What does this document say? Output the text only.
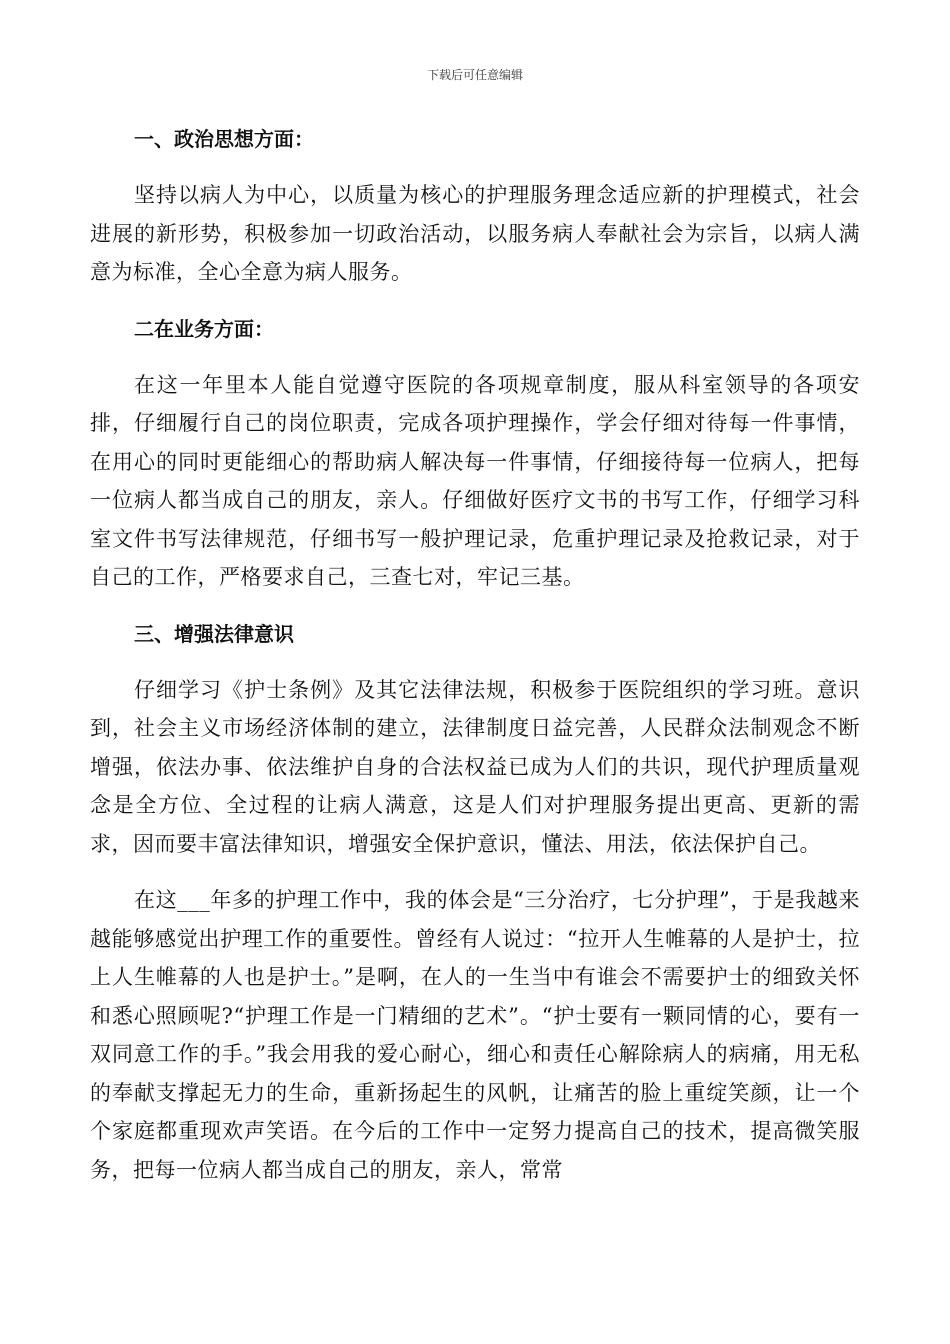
下载后可任意编辑
一、政治思想方面：

坚持以病人为中心，以质量为核心的护理服务理念适应新的护理模式，社会进展的新形势，积极参加一切政治活动，以服务病人奉献社会为宗旨，以病人满意为标准，全心全意为病人服务。

二在业务方面：

在这一年里本人能自觉遵守医院的各项规章制度，服从科室领导的各项安排，仔细履行自己的岗位职责，完成各项护理操作，学会仔细对待每一件事情，在用心的同时更能细心的帮助病人解决每一件事情，仔细接待每一位病人，把每一位病人都当成自己的朋友，亲人。仔细做好医疗文书的书写工作，仔细学习科室文件书写法律规范，仔细书写一般护理记录，危重护理记录及抢救记录，对于自己的工作，严格要求自己，三查七对，牢记三基。

三、增强法律意识

仔细学习《护士条例》及其它法律法规，积极参于医院组织的学习班。意识到，社会主义市场经济体制的建立，法律制度日益完善，人民群众法制观念不断增强，依法办事、依法维护自身的合法权益已成为人们的共识，现代护理质量观念是全方位、全过程的让病人满意，这是人们对护理服务提出更高、更新的需求，因而要丰富法律知识，增强安全保护意识，懂法、用法，依法保护自己。

在这___年多的护理工作中，我的体会是“三分治疗，七分护理”，于是我越来越能够感觉出护理工作的重要性。曾经有人说过：“拉开人生帷幕的人是护士，拉上人生帷幕的人也是护士。”是啊，在人的一生当中有谁会不需要护士的细致关怀和悉心照顾呢?“护理工作是一门精细的艺术”。“护士要有一颗同情的心，要有一双同意工作的手。”我会用我的爱心耐心，细心和责任心解除病人的病痛，用无私的奉献支撑起无力的生命，重新扬起生的风帆，让痛苦的脸上重绽笑颜，让一个个家庭都重现欢声笑语。在今后的工作中一定努力提高自己的技术，提高微笑服务，把每一位病人都当成自己的朋友，亲人，常常
